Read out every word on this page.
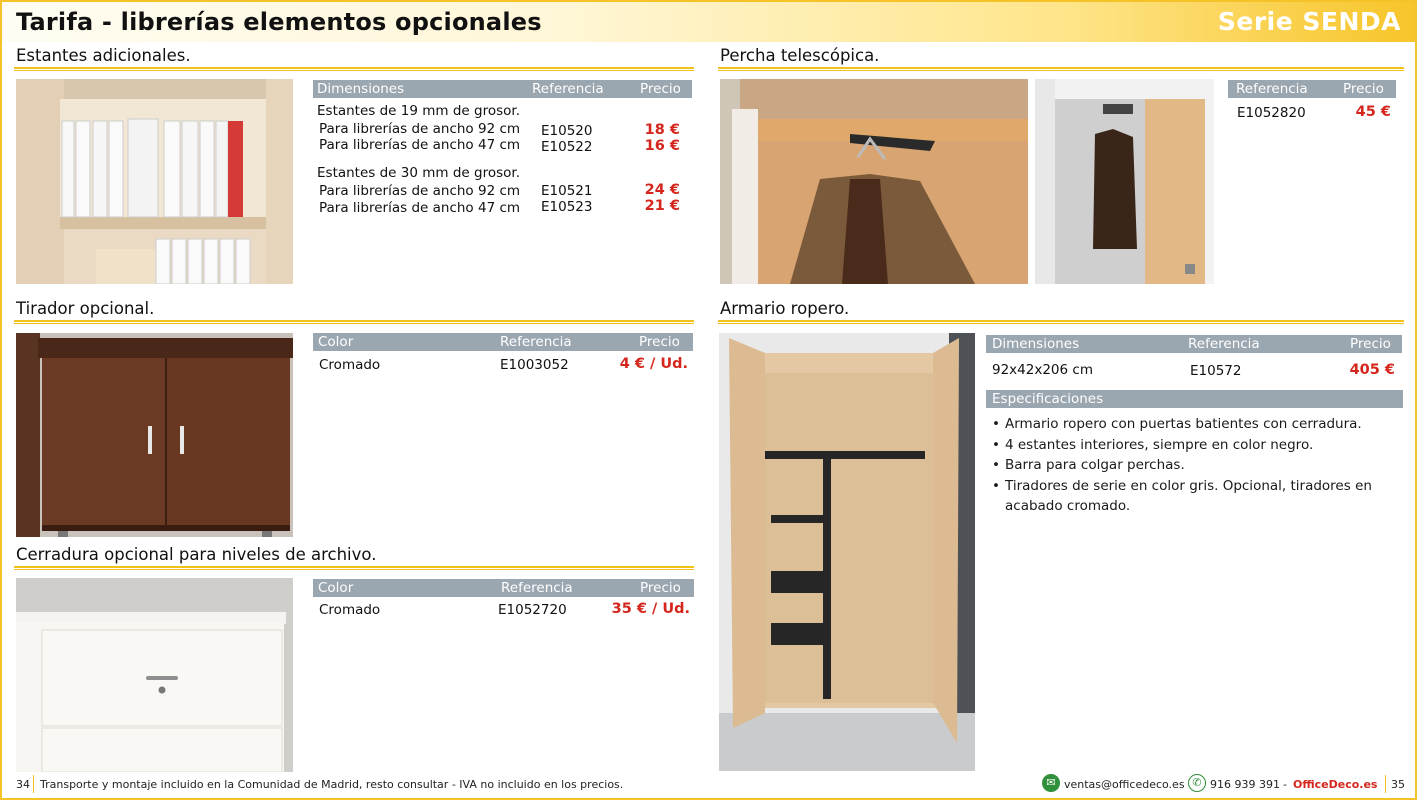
Tarifa - librerías elementos opcionales	Serie SENDA
Estantes adicionales.
Dimensiones	Referencia	Precio
Estantes de 19 mm de grosor.
Para librerías de ancho 92 cm E10520	18 €
Para librerías de ancho 47 cm E10522	16 €
Estantes de 30 mm de grosor.
Para librerías de ancho 92 cm E10521	24 €
Para librerías de ancho 47 cm E10523	21 €
Percha telescópica.
Referencia	Precio
E1052820	45 €
Tirador opcional.
Color	Referencia	Precio
Cromado	E1003052	4 € / Ud.
Armario ropero.
Dimensiones	Referencia	Precio
92x42x206 cm	E10572	405 €
Especificaciones
• Armario ropero con puertas batientes con cerradura.
• 4 estantes interiores, siempre en color negro.
• Barra para colgar perchas.
• Tiradores de serie en color gris. Opcional, tiradores en acabado cromado.
Cerradura opcional para niveles de archivo.
Color	Referencia	Precio
Cromado	E1052720	35 € / Ud.
34 Transporte y montaje incluido en la Comunidad de Madrid, resto consultar - IVA no incluido en los precios.	✉ ventas@officedeco.es ✆ 916 939 391 - OfficeDeco.es 35
